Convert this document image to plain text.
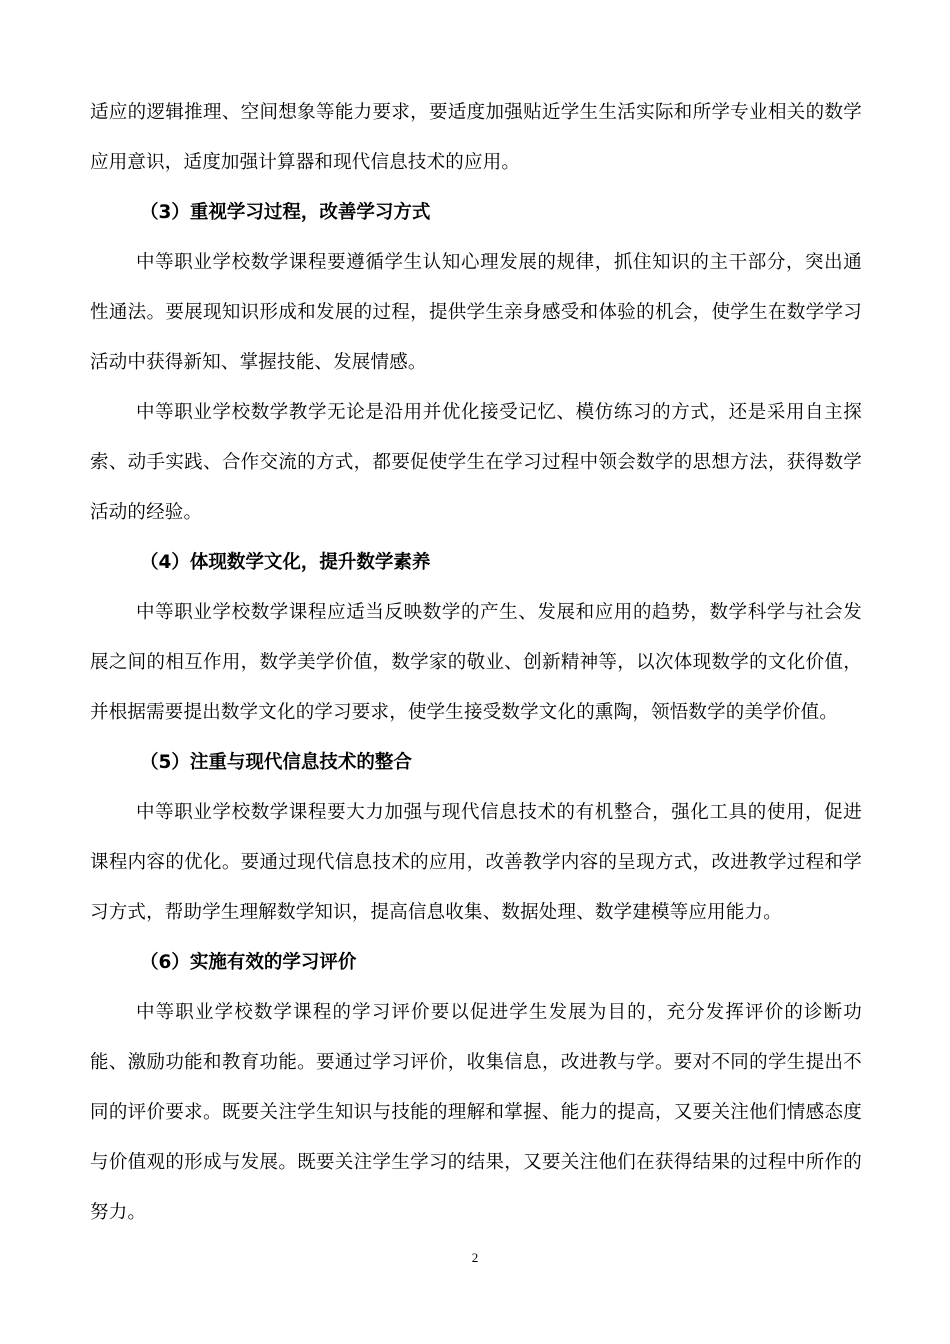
适应的逻辑推理、空间想象等能力要求，要适度加强贴近学生生活实际和所学专业相关的数学应用意识，适度加强计算器和现代信息技术的应用。

（3）重视学习过程，改善学习方式

中等职业学校数学课程要遵循学生认知心理发展的规律，抓住知识的主干部分，突出通性通法。要展现知识形成和发展的过程，提供学生亲身感受和体验的机会，使学生在数学学习活动中获得新知、掌握技能、发展情感。

中等职业学校数学教学无论是沿用并优化接受记忆、模仿练习的方式，还是采用自主探索、动手实践、合作交流的方式，都要促使学生在学习过程中领会数学的思想方法，获得数学活动的经验。

（4）体现数学文化，提升数学素养

中等职业学校数学课程应适当反映数学的产生、发展和应用的趋势，数学科学与社会发展之间的相互作用，数学美学价值，数学家的敬业、创新精神等，以次体现数学的文化价值，并根据需要提出数学文化的学习要求，使学生接受数学文化的熏陶，领悟数学的美学价值。

（5）注重与现代信息技术的整合

中等职业学校数学课程要大力加强与现代信息技术的有机整合，强化工具的使用，促进课程内容的优化。要通过现代信息技术的应用，改善教学内容的呈现方式，改进教学过程和学习方式，帮助学生理解数学知识，提高信息收集、数据处理、数学建模等应用能力。

（6）实施有效的学习评价

中等职业学校数学课程的学习评价要以促进学生发展为目的，充分发挥评价的诊断功能、激励功能和教育功能。要通过学习评价，收集信息，改进教与学。要对不同的学生提出不同的评价要求。既要关注学生知识与技能的理解和掌握、能力的提高，又要关注他们情感态度与价值观的形成与发展。既要关注学生学习的结果，又要关注他们在获得结果的过程中所作的努力。

2
